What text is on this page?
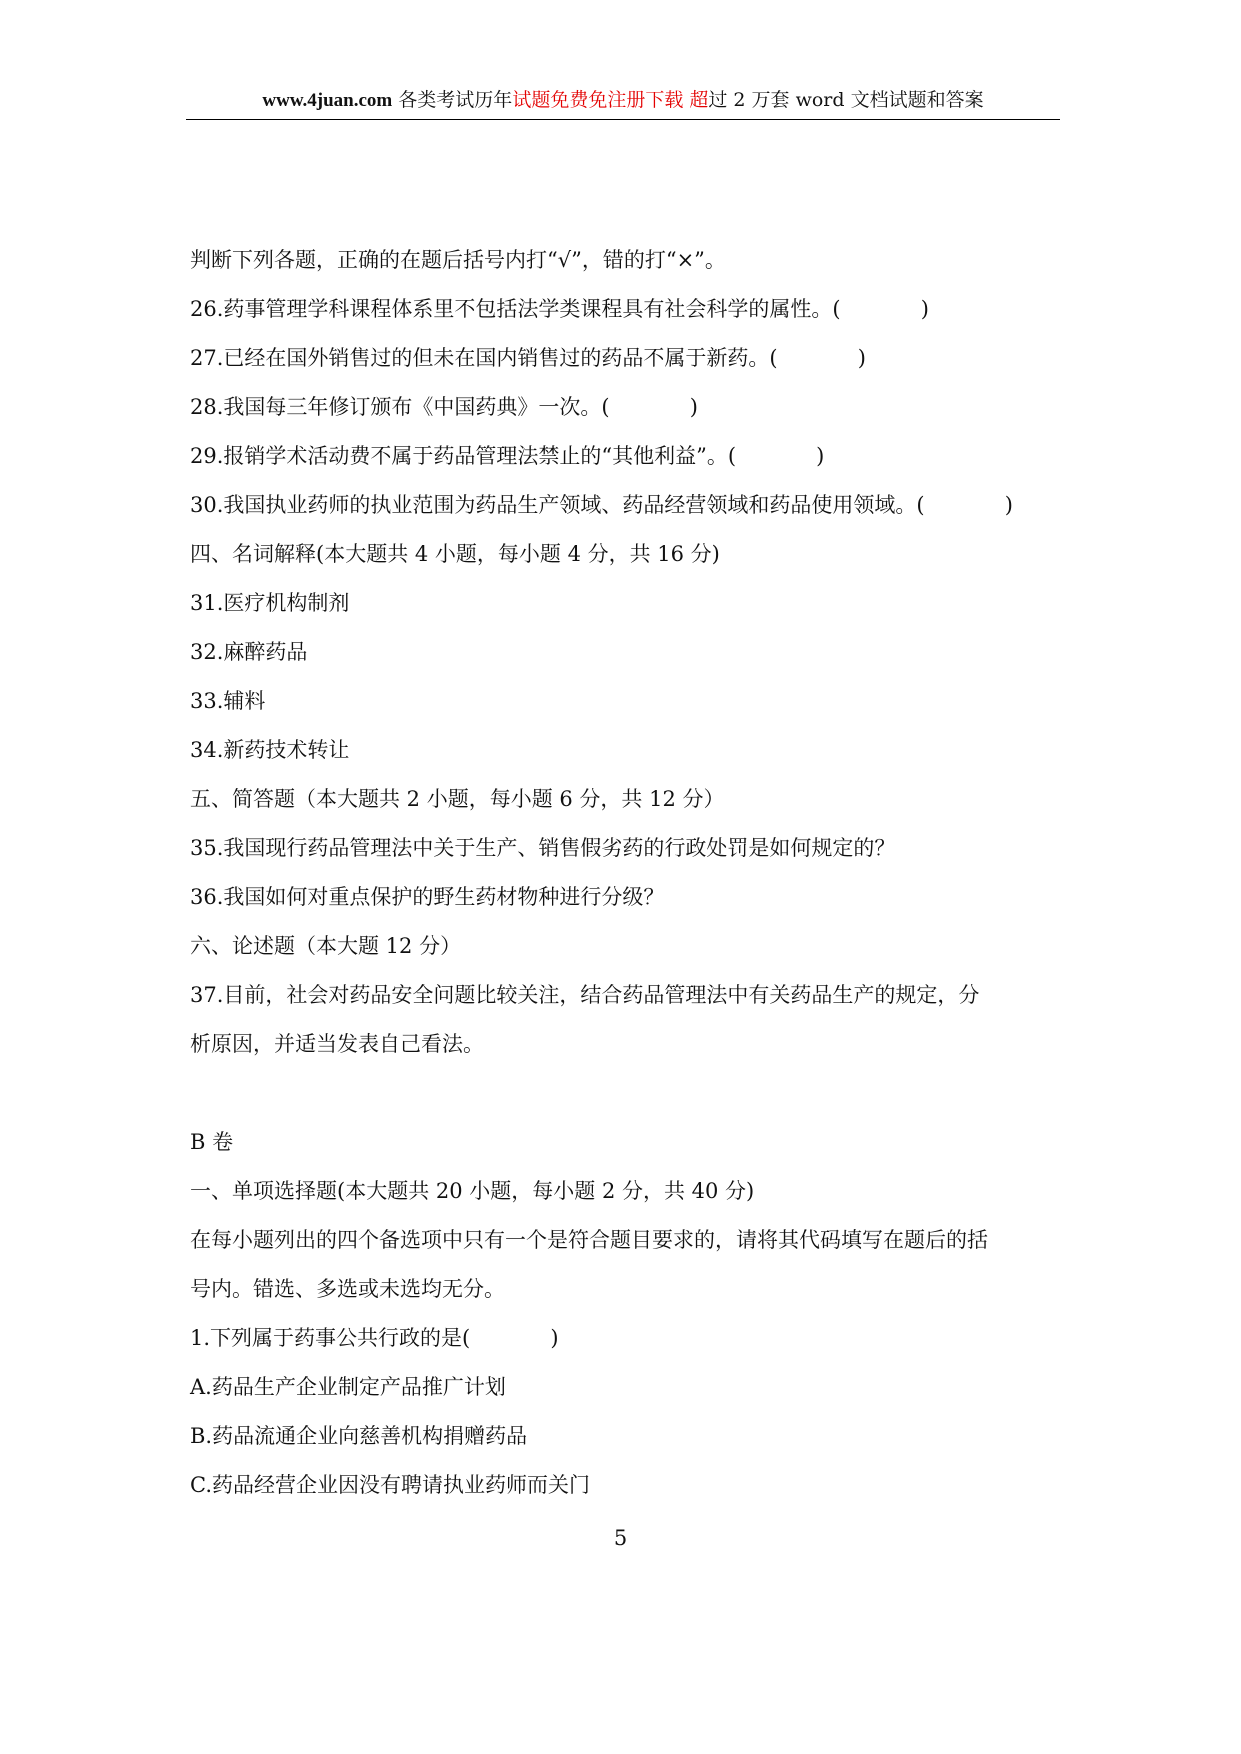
www.4juan.com 各类考试历年试题免费免注册下载 超过 2 万套 word 文档试题和答案
判断下列各题，正确的在题后括号内打“√”，错的打“×”。
26.药事管理学科课程体系里不包括法学类课程具有社会科学的属性。(            )
27.已经在国外销售过的但未在国内销售过的药品不属于新药。(            )
28.我国每三年修订颁布《中国药典》一次。(            )
29.报销学术活动费不属于药品管理法禁止的“其他利益”。(            )
30.我国执业药师的执业范围为药品生产领域、药品经营领域和药品使用领域。(            )
四、名词解释(本大题共 4 小题，每小题 4 分，共 16 分)
31.医疗机构制剂
32.麻醉药品
33.辅料
34.新药技术转让
五、简答题（本大题共 2 小题，每小题 6 分，共 12 分）
35.我国现行药品管理法中关于生产、销售假劣药的行政处罚是如何规定的？
36.我国如何对重点保护的野生药材物种进行分级？
六、论述题（本大题 12 分）
37.目前，社会对药品安全问题比较关注，结合药品管理法中有关药品生产的规定，分
析原因，并适当发表自己看法。
B 卷
一、单项选择题(本大题共 20 小题，每小题 2 分，共 40 分)
在每小题列出的四个备选项中只有一个是符合题目要求的，请将其代码填写在题后的括
号内。错选、多选或未选均无分。
1.下列属于药事公共行政的是(            )
A.药品生产企业制定产品推广计划
B.药品流通企业向慈善机构捐赠药品
C.药品经营企业因没有聘请执业药师而关门
5
